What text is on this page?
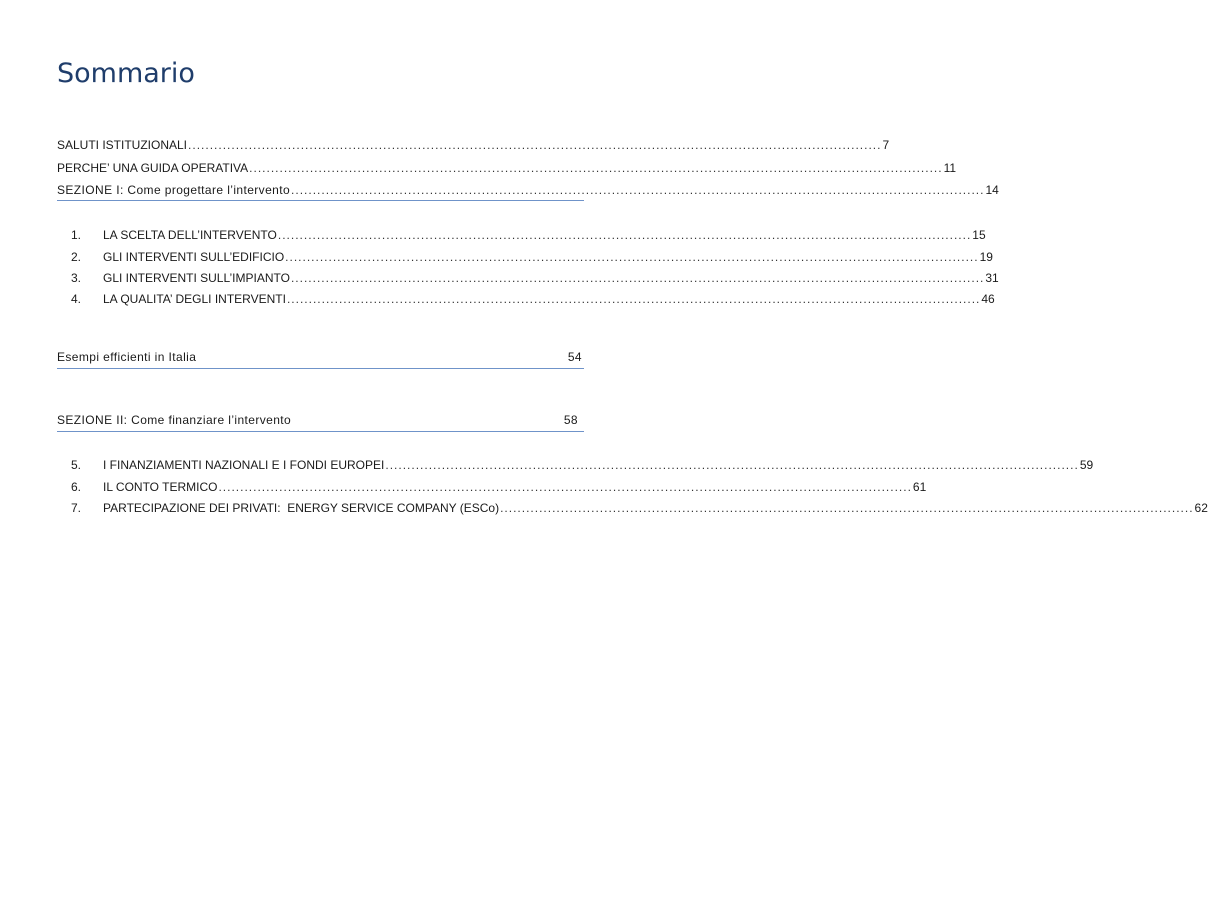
Sommario
SALUTI ISTITUZIONALI ................................................................................................................................................................ 7
PERCHE’ UNA GUIDA OPERATIVA ................................................................................................................................................................ 11
SEZIONE I: Come progettare l’intervento ................................................................................................................................................................ 14
1.	LA SCELTA DELL’INTERVENTO ................................................................................................................................................................ 15
2.	GLI INTERVENTI SULL’EDIFICIO ................................................................................................................................................................ 19
3.	GLI INTERVENTI SULL’IMPIANTO ................................................................................................................................................................ 31
4.	LA QUALITA’ DEGLI INTERVENTI ................................................................................................................................................................ 46
Esempi efficienti in Italia	54
SEZIONE II: Come finanziare l’intervento	58
5.	I FINANZIAMENTI NAZIONALI E I FONDI EUROPEI ................................................................................................................................................................ 59
6.	IL CONTO TERMICO ................................................................................................................................................................ 61
7.	PARTECIPAZIONE DEI PRIVATI:  ENERGY SERVICE COMPANY (ESCo) ................................................................................................................................................................ 62
